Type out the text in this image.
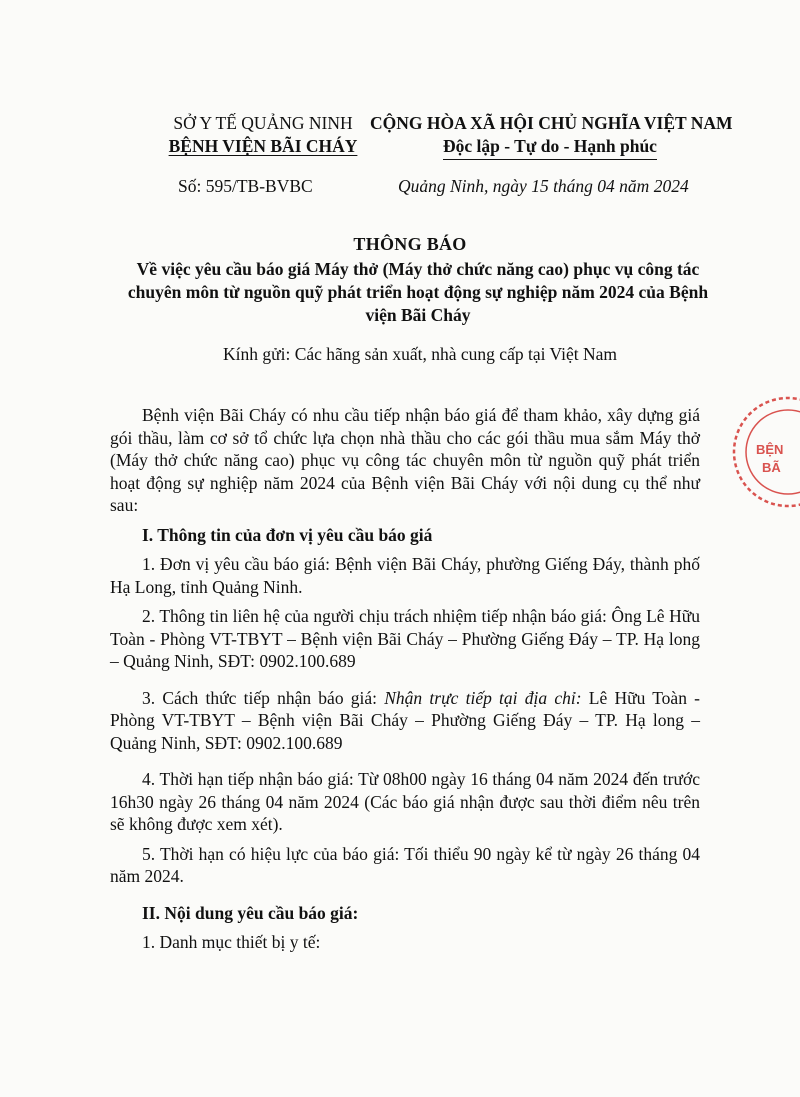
SỞ Y TẾ QUẢNG NINH
BỆNH VIỆN BÃI CHÁY
CỘNG HÒA XÃ HỘI CHỦ NGHĨA VIỆT NAM
Độc lập - Tự do - Hạnh phúc
Số: 595/TB-BVBC	Quảng Ninh, ngày 15 tháng 04 năm 2024
THÔNG BÁO
Về việc yêu cầu báo giá Máy thở (Máy thở chức năng cao) phục vụ công tác chuyên môn từ nguồn quỹ phát triển hoạt động sự nghiệp năm 2024 của Bệnh viện Bãi Cháy
Kính gửi: Các hãng sản xuất, nhà cung cấp tại Việt Nam

Bệnh viện Bãi Cháy có nhu cầu tiếp nhận báo giá để tham khảo, xây dựng giá gói thầu, làm cơ sở tổ chức lựa chọn nhà thầu cho các gói thầu mua sắm Máy thở (Máy thở chức năng cao) phục vụ công tác chuyên môn từ nguồn quỹ phát triển hoạt động sự nghiệp năm 2024 của Bệnh viện Bãi Cháy với nội dung cụ thể như sau:

I. Thông tin của đơn vị yêu cầu báo giá

1. Đơn vị yêu cầu báo giá: Bệnh viện Bãi Cháy, phường Giếng Đáy, thành phố Hạ Long, tỉnh Quảng Ninh.

2. Thông tin liên hệ của người chịu trách nhiệm tiếp nhận báo giá: Ông Lê Hữu Toàn - Phòng VT-TBYT – Bệnh viện Bãi Cháy – Phường Giếng Đáy – TP. Hạ long – Quảng Ninh, SĐT: 0902.100.689

3. Cách thức tiếp nhận báo giá: Nhận trực tiếp tại địa chỉ: Lê Hữu Toàn - Phòng VT-TBYT – Bệnh viện Bãi Cháy – Phường Giếng Đáy – TP. Hạ long – Quảng Ninh, SĐT: 0902.100.689

4. Thời hạn tiếp nhận báo giá: Từ 08h00 ngày 16 tháng 04 năm 2024 đến trước 16h30 ngày 26 tháng 04 năm 2024 (Các báo giá nhận được sau thời điểm nêu trên sẽ không được xem xét).

5. Thời hạn có hiệu lực của báo giá: Tối thiểu 90 ngày kể từ ngày 26 tháng 04 năm 2024.

II. Nội dung yêu cầu báo giá:

1. Danh mục thiết bị y tế:

BỆN
BÃ
